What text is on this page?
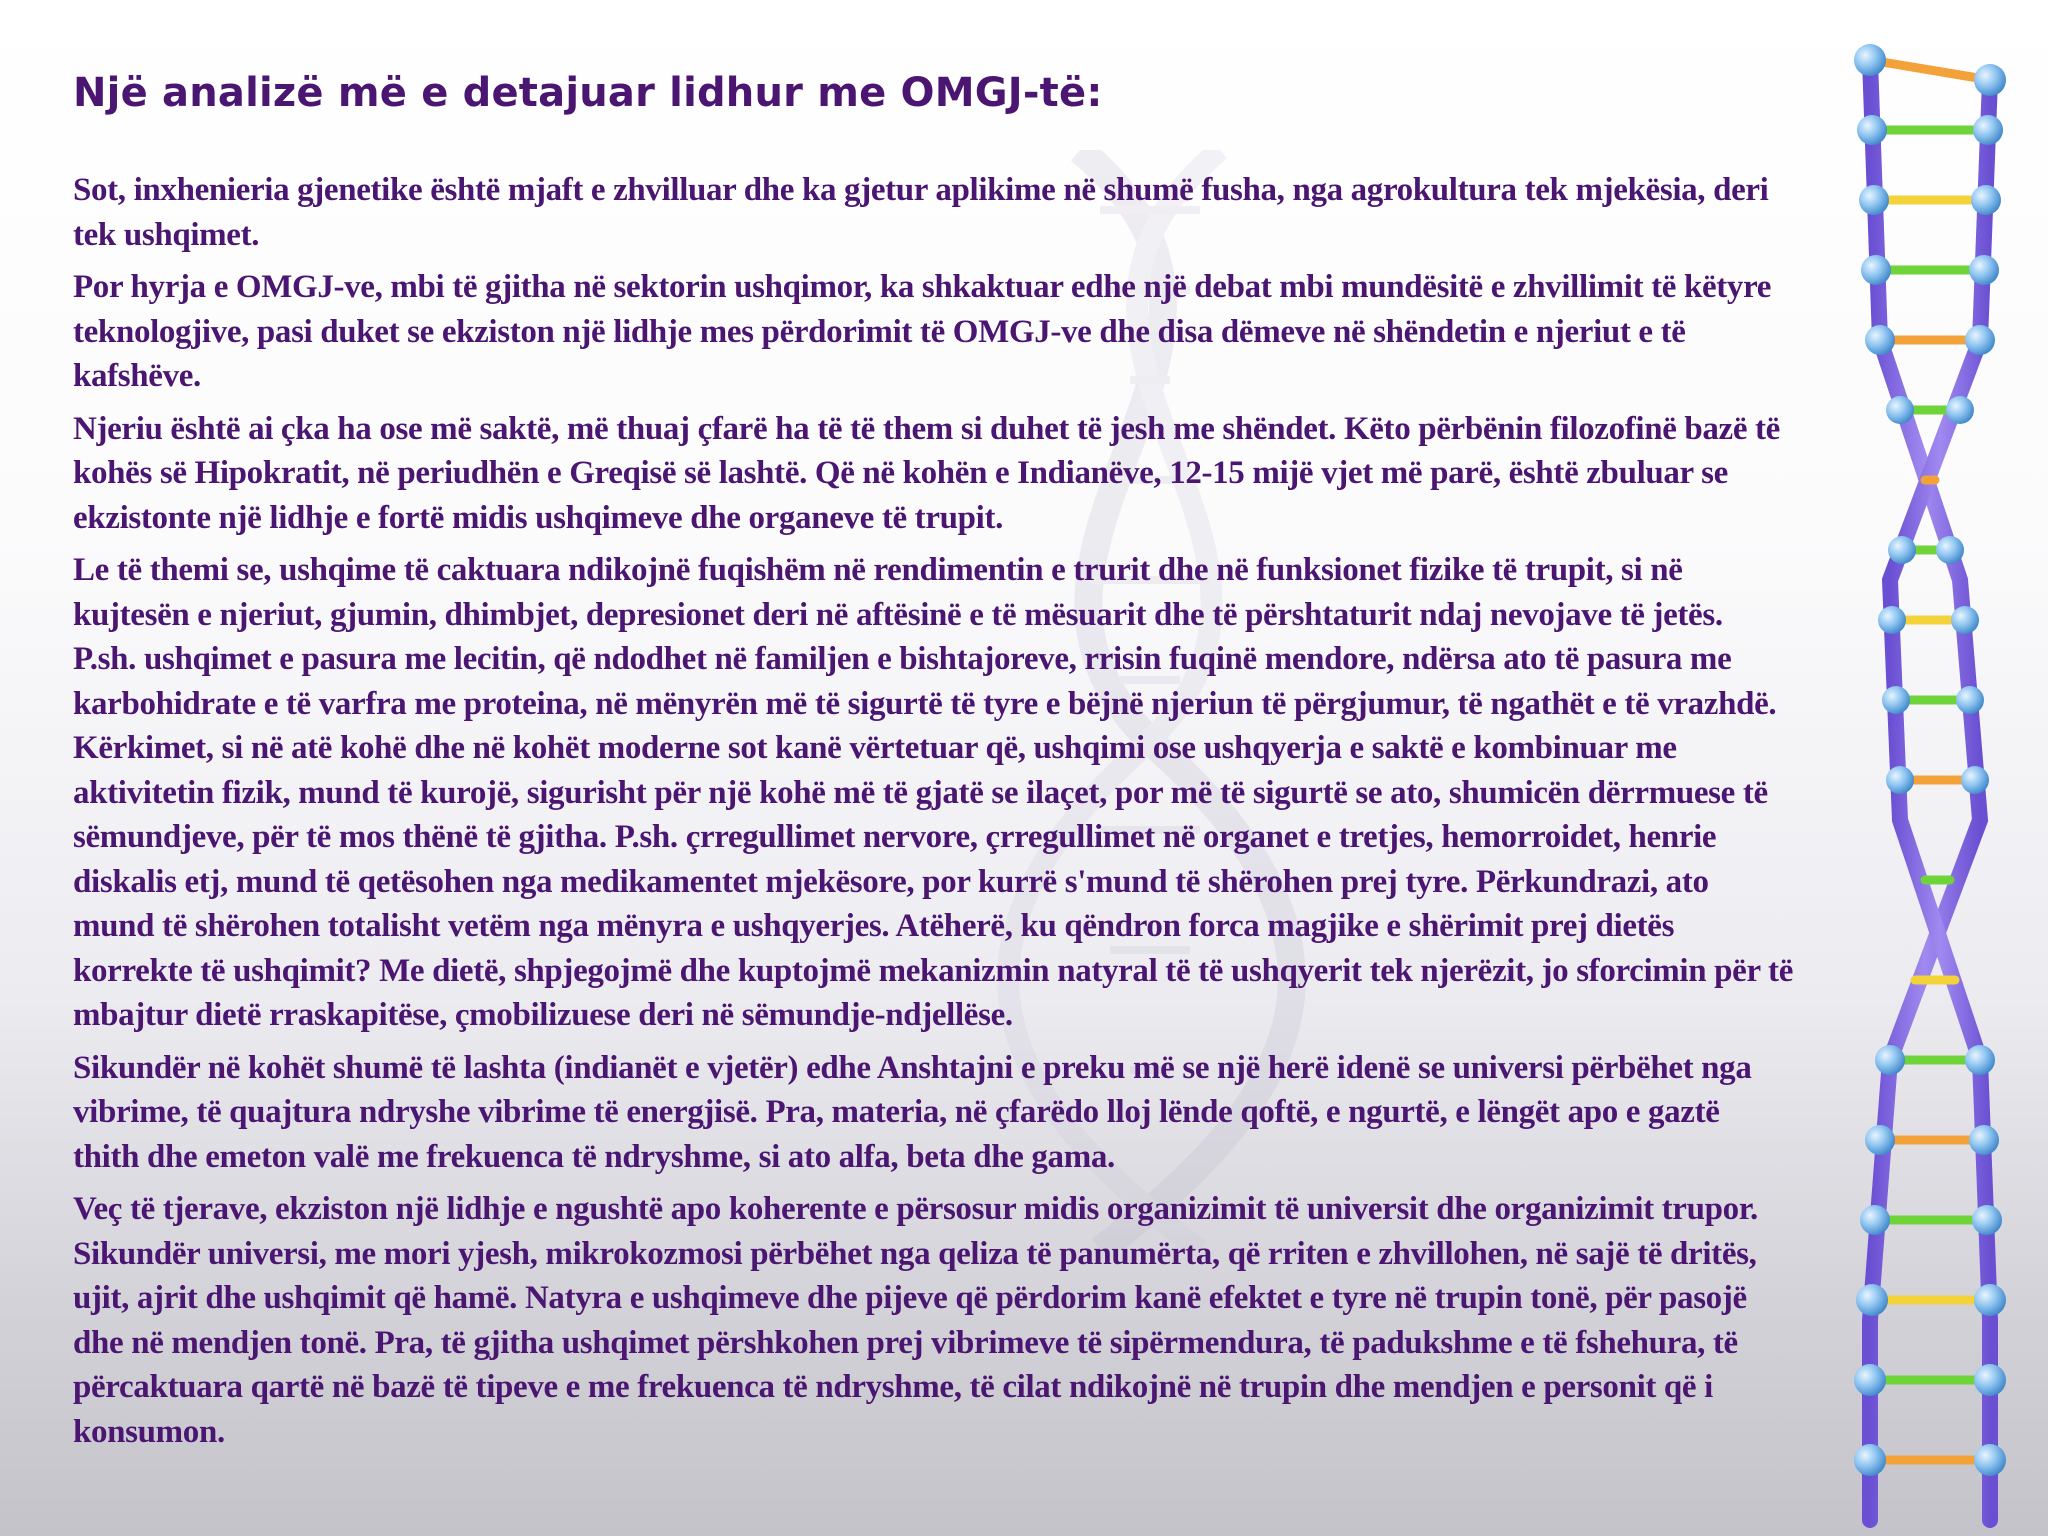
Një analizë më e detajuar lidhur me OMGJ-të:

Sot, inxhenieria gjenetike është mjaft e zhvilluar dhe ka gjetur aplikime në shumë fusha, nga agrokultura tek mjekësia, deri tek ushqimet.

Por hyrja e OMGJ-ve, mbi të gjitha në sektorin ushqimor, ka shkaktuar edhe një debat mbi mundësitë e zhvillimit të këtyre teknologjive, pasi duket se ekziston një lidhje mes përdorimit të OMGJ-ve dhe disa dëmeve në shëndetin e njeriut e të kafshëve.

Njeriu është ai çka ha ose më saktë, më thuaj çfarë ha të të them si duhet të jesh me shëndet. Këto përbënin filozofinë bazë të kohës së Hipokratit, në periudhën e Greqisë së lashtë. Që në kohën e Indianëve, 12-15 mijë vjet më parë, është zbuluar se ekzistonte një lidhje e fortë midis ushqimeve dhe organeve të trupit.

Le të themi se, ushqime të caktuara ndikojnë fuqishëm në rendimentin e trurit dhe në funksionet fizike të trupit, si në kujtesën e njeriut, gjumin, dhimbjet, depresionet deri në aftësinë e të mësuarit dhe të përshtaturit ndaj nevojave të jetës. P.sh. ushqimet e pasura me lecitin, që ndodhet në familjen e bishtajoreve, rrisin fuqinë mendore, ndërsa ato të pasura me karbohidrate e të varfra me proteina, në mënyrën më të sigurtë të tyre e bëjnë njeriun të përgjumur, të ngathët e të vrazhdë. Kërkimet, si në atë kohë dhe në kohët moderne sot kanë vërtetuar që, ushqimi ose ushqyerja e saktë e kombinuar me aktivitetin fizik, mund të kurojë, sigurisht për një kohë më të gjatë se ilaçet, por më të sigurtë se ato, shumicën dërrmuese të sëmundjeve, për të mos thënë të gjitha. P.sh. çrregullimet nervore, çrregullimet në organet e tretjes, hemorroidet, henrie diskalis etj, mund të qetësohen nga medikamentet mjekësore, por kurrë s'mund të shërohen prej tyre. Përkundrazi, ato mund të shërohen totalisht vetëm nga mënyra e ushqyerjes. Atëherë, ku qëndron forca magjike e shërimit prej dietës korrekte të ushqimit? Me dietë, shpjegojmë dhe kuptojmë mekanizmin natyral të të ushqyerit tek njerëzit, jo sforcimin për të mbajtur dietë rraskapitëse, çmobilizuese deri në sëmundje-ndjellëse.

Sikundër në kohët shumë të lashta (indianët e vjetër) edhe Anshtajni e preku më se një herë idenë se universi përbëhet nga vibrime, të quajtura ndryshe vibrime të energjisë. Pra, materia, në çfarëdo lloj lënde qoftë, e ngurtë, e lëngët apo e gaztë thith dhe emeton valë me frekuenca të ndryshme, si ato alfa, beta dhe gama.

Veç të tjerave, ekziston një lidhje e ngushtë apo koherente e përsosur midis organizimit të universit dhe organizimit trupor. Sikundër universi, me mori yjesh, mikrokozmosi përbëhet nga qeliza të panumërta, që rriten e zhvillohen, në sajë të dritës, ujit, ajrit dhe ushqimit që hamë. Natyra e ushqimeve dhe pijeve që përdorim kanë efektet e tyre në trupin tonë, për pasojë dhe në mendjen tonë. Pra, të gjitha ushqimet përshkohen prej vibrimeve të sipërmendura, të padukshme e të fshehura, të përcaktuara qartë në bazë të tipeve e me frekuenca të ndryshme, të cilat ndikojnë në trupin dhe mendjen e personit që i konsumon.
